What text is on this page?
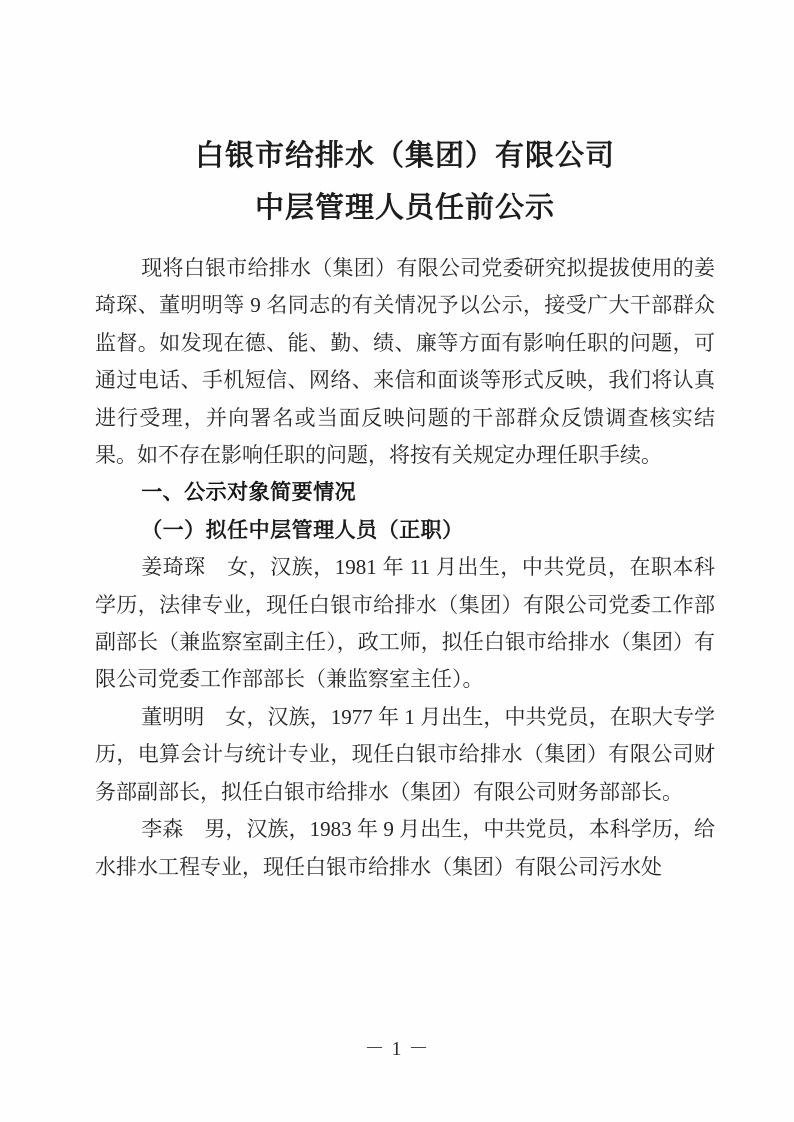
白银市给排水（集团）有限公司
中层管理人员任前公示

现将白银市给排水（集团）有限公司党委研究拟提拔使用的姜琦琛、董明明等 9 名同志的有关情况予以公示，接受广大干部群众监督。如发现在德、能、勤、绩、廉等方面有影响任职的问题，可通过电话、手机短信、网络、来信和面谈等形式反映，我们将认真进行受理，并向署名或当面反映问题的干部群众反馈调查核实结果。如不存在影响任职的问题，将按有关规定办理任职手续。

一、公示对象简要情况
（一）拟任中层管理人员（正职）

姜琦琛　女，汉族，1981 年 11 月出生，中共党员，在职本科学历，法律专业，现任白银市给排水（集团）有限公司党委工作部副部长（兼监察室副主任），政工师，拟任白银市给排水（集团）有限公司党委工作部部长（兼监察室主任）。

董明明　女，汉族，1977 年 1 月出生，中共党员，在职大专学历，电算会计与统计专业，现任白银市给排水（集团）有限公司财务部副部长，拟任白银市给排水（集团）有限公司财务部部长。

李森　男，汉族，1983 年 9 月出生，中共党员，本科学历，给水排水工程专业，现任白银市给排水（集团）有限公司污水处

－ 1 －
